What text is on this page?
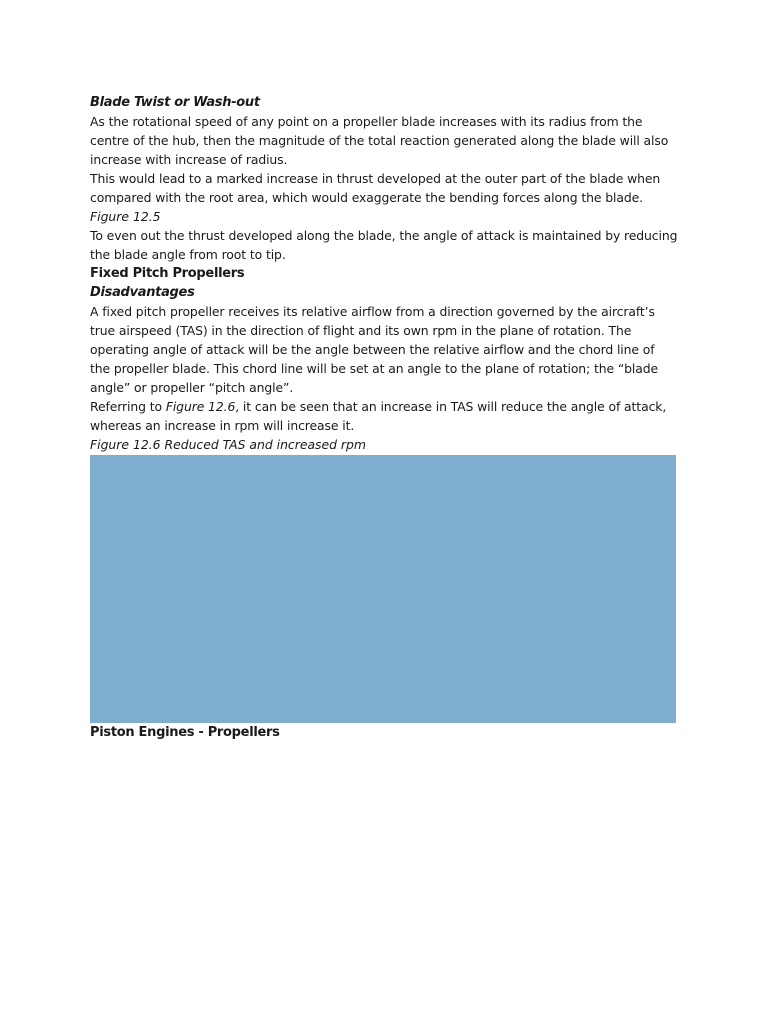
Blade Twist or Wash-out

As the rotational speed of any point on a propeller blade increases with its radius from the centre of the hub, then the magnitude of the total reaction generated along the blade will also increase with increase of radius.

This would lead to a marked increase in thrust developed at the outer part of the blade when compared with the root area, which would exaggerate the bending forces along the blade.

Figure 12.5

To even out the thrust developed along the blade, the angle of attack is maintained by reducing the blade angle from root to tip.

Fixed Pitch Propellers

Disadvantages

A fixed pitch propeller receives its relative airflow from a direction governed by the aircraft’s true airspeed (TAS) in the direction of flight and its own rpm in the plane of rotation. The operating angle of attack will be the angle between the relative airflow and the chord line of the propeller blade. This chord line will be set at an angle to the plane of rotation; the “blade angle” or propeller “pitch angle”.

Referring to Figure 12.6, it can be seen that an increase in TAS will reduce the angle of attack, whereas an increase in rpm will increase it.

Figure 12.6 Reduced TAS and increased rpm

Piston Engines - Propellers
